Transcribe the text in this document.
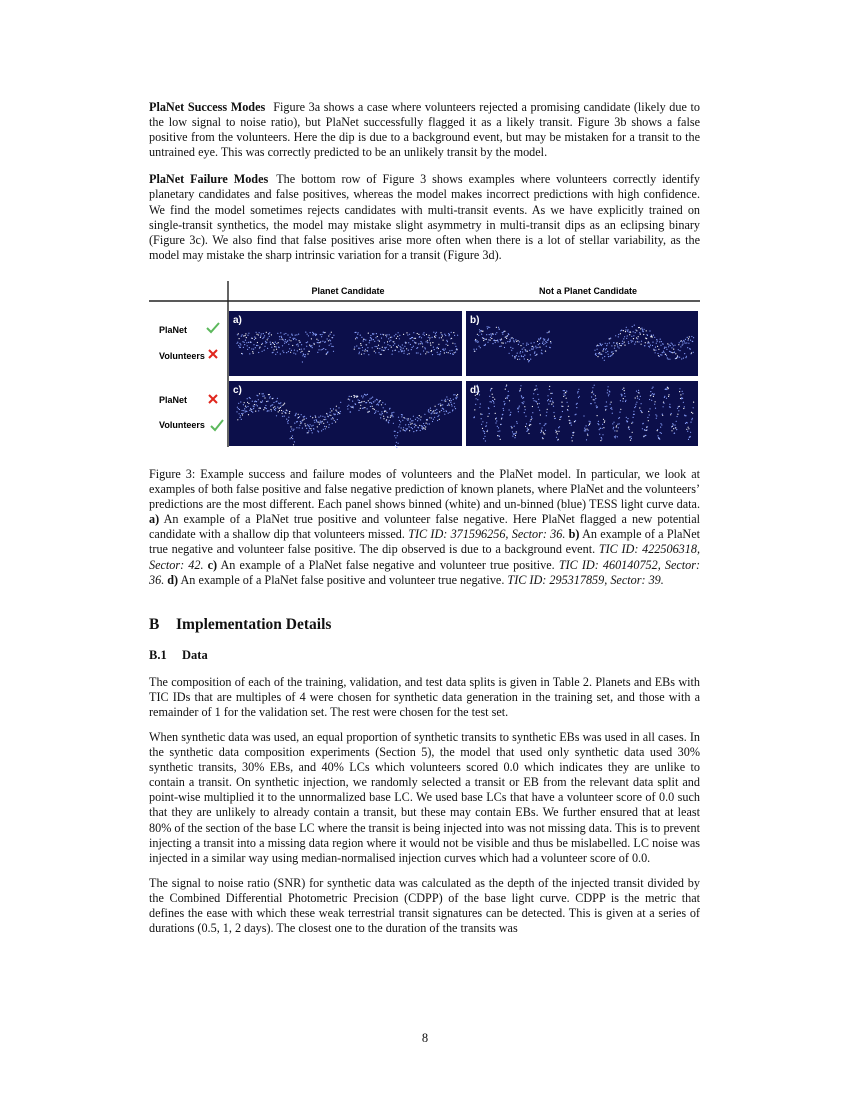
PlaNet Success Modes Figure 3a shows a case where volunteers rejected a promising candidate (likely due to the low signal to noise ratio), but PlaNet successfully flagged it as a likely transit. Figure 3b shows a false positive from the volunteers. Here the dip is due to a background event, but may be mistaken for a transit to the untrained eye. This was correctly predicted to be an unlikely transit by the model.

PlaNet Failure Modes The bottom row of Figure 3 shows examples where volunteers correctly identify planetary candidates and false positives, whereas the model makes incorrect predictions with high confidence. We find the model sometimes rejects candidates with multi-transit events. As we have explicitly trained on single-transit synthetics, the model may mistake slight asymmetry in multi-transit dips as an eclipsing binary (Figure 3c). We also find that false positives arise more often when there is a lot of stellar variability, as the model may mistake the sharp intrinsic variation for a transit (Figure 3d).

Planet Candidate	Not a Planet Candidate
PlaNet
Volunteers
PlaNet
Volunteers
a)	b)
c)	d)

Figure 3: Example success and failure modes of volunteers and the PlaNet model. In particular, we look at examples of both false positive and false negative prediction of known planets, where PlaNet and the volunteers’ predictions are the most different. Each panel shows binned (white) and un-binned (blue) TESS light curve data. a) An example of a PlaNet true positive and volunteer false negative. Here PlaNet flagged a new potential candidate with a shallow dip that volunteers missed. TIC ID: 371596256, Sector: 36. b) An example of a PlaNet true negative and volunteer false positive. The dip observed is due to a background event. TIC ID: 422506318, Sector: 42. c) An example of a PlaNet false negative and volunteer true positive. TIC ID: 460140752, Sector: 36. d) An example of a PlaNet false positive and volunteer true negative. TIC ID: 295317859, Sector: 39.

B Implementation Details
B.1 Data

The composition of each of the training, validation, and test data splits is given in Table 2. Planets and EBs with TIC IDs that are multiples of 4 were chosen for synthetic data generation in the training set, and those with a remainder of 1 for the validation set. The rest were chosen for the test set.

When synthetic data was used, an equal proportion of synthetic transits to synthetic EBs was used in all cases. In the synthetic data composition experiments (Section 5), the model that used only synthetic data used 30% synthetic transits, 30% EBs, and 40% LCs which volunteers scored 0.0 which indicates they are unlike to contain a transit. On synthetic injection, we randomly selected a transit or EB from the relevant data split and point-wise multiplied it to the unnormalized base LC. We used base LCs that have a volunteer score of 0.0 such that they are unlikely to already contain a transit, but these may contain EBs. We further ensured that at least 80% of the section of the base LC where the transit is being injected into was not missing data. This is to prevent injecting a transit into a missing data region where it would not be visible and thus be mislabelled. LC noise was injected in a similar way using median-normalised injection curves which had a volunteer score of 0.0.

The signal to noise ratio (SNR) for synthetic data was calculated as the depth of the injected transit divided by the Combined Differential Photometric Precision (CDPP) of the base light curve. CDPP is the metric that defines the ease with which these weak terrestrial transit signatures can be detected. This is given at a series of durations (0.5, 1, 2 days). The closest one to the duration of the transits was

8
